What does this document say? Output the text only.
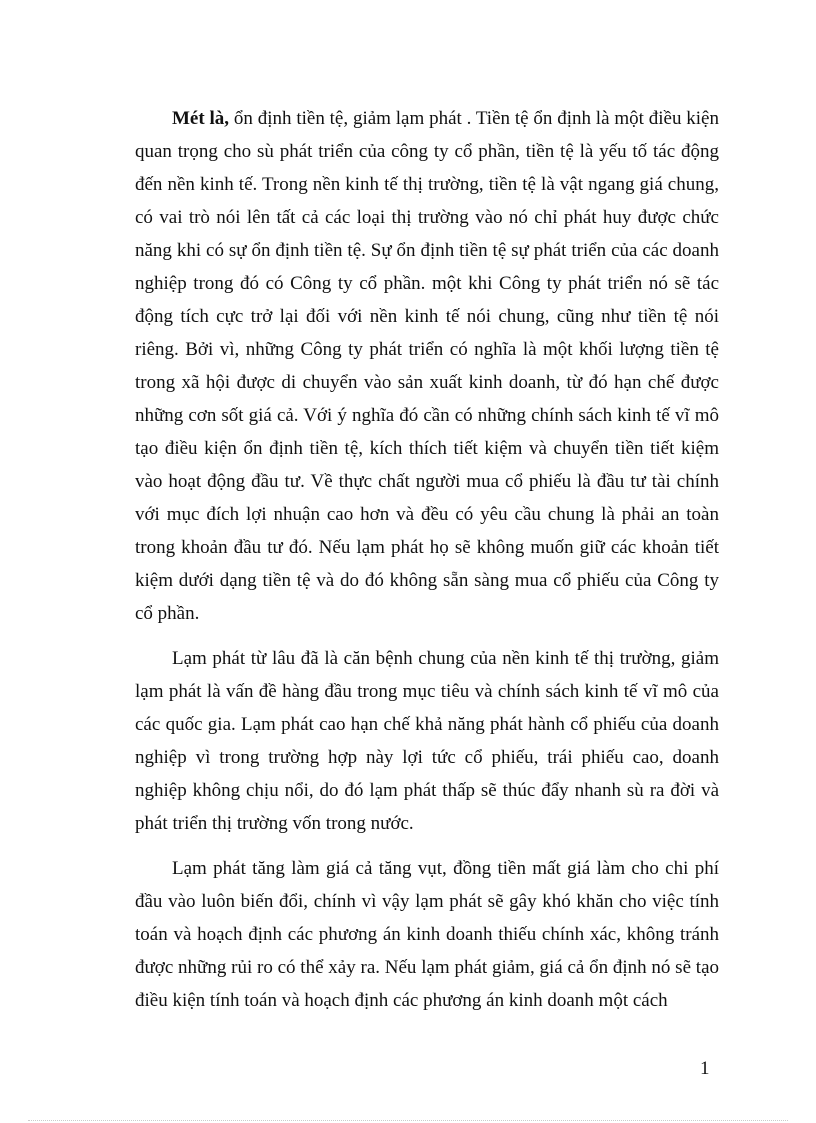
Mét là, ổn định tiền tệ, giảm lạm phát . Tiền tệ ổn định là một điều kiện quan trọng cho sù phát triển của công ty cổ phần, tiền tệ là yếu tố tác động đến nền kinh tế. Trong nền kinh tế thị trường, tiền tệ là vật ngang giá chung, có vai trò nói lên tất cả các loại thị trường vào nó chỉ phát huy được chức năng khi có sự ổn định tiền tệ. Sự ổn định tiền tệ sự phát triển của các doanh nghiệp trong đó có Công ty cổ phần. một khi Công ty phát triển nó sẽ tác động tích cực trở lại đối với nền kinh tế nói chung, cũng như tiền tệ nói riêng. Bởi vì, những Công ty phát triển có nghĩa là một khối lượng tiền tệ trong xã hội được di chuyển vào sản xuất kinh doanh, từ đó hạn chế được những cơn sốt giá cả. Với ý nghĩa đó cần có những chính sách kinh tế vĩ mô tạo điều kiện ổn định tiền tệ, kích thích tiết kiệm và chuyển tiền tiết kiệm vào hoạt động đầu tư. Về thực chất người mua cổ phiếu là đầu tư tài chính với mục đích lợi nhuận cao hơn và đều có yêu cầu chung là phải an toàn trong khoản đầu tư đó. Nếu lạm phát họ sẽ không muốn giữ các khoản tiết kiệm dưới dạng tiền tệ và do đó không sẵn sàng mua cổ phiếu của Công ty cổ phần.

Lạm phát từ lâu đã là căn bệnh chung của nền kinh tế thị trường, giảm lạm phát là vấn đề hàng đầu trong mục tiêu và chính sách kinh tế vĩ mô của các quốc gia. Lạm phát cao hạn chế khả năng phát hành cổ phiếu của doanh nghiệp vì trong trường hợp này lợi tức cổ phiếu, trái phiếu cao, doanh nghiệp không chịu nổi, do đó lạm phát thấp sẽ thúc đẩy nhanh sù ra đời và phát triển thị trường vốn trong nước.

Lạm phát tăng làm giá cả tăng vụt, đồng tiền mất giá làm cho chi phí đầu vào luôn biến đổi, chính vì vậy lạm phát sẽ gây khó khăn cho việc tính toán và hoạch định các phương án kinh doanh thiếu chính xác, không tránh được những rủi ro có thể xảy ra. Nếu lạm phát giảm, giá cả ổn định nó sẽ tạo điều kiện tính toán và hoạch định các phương án kinh doanh một cách

1
